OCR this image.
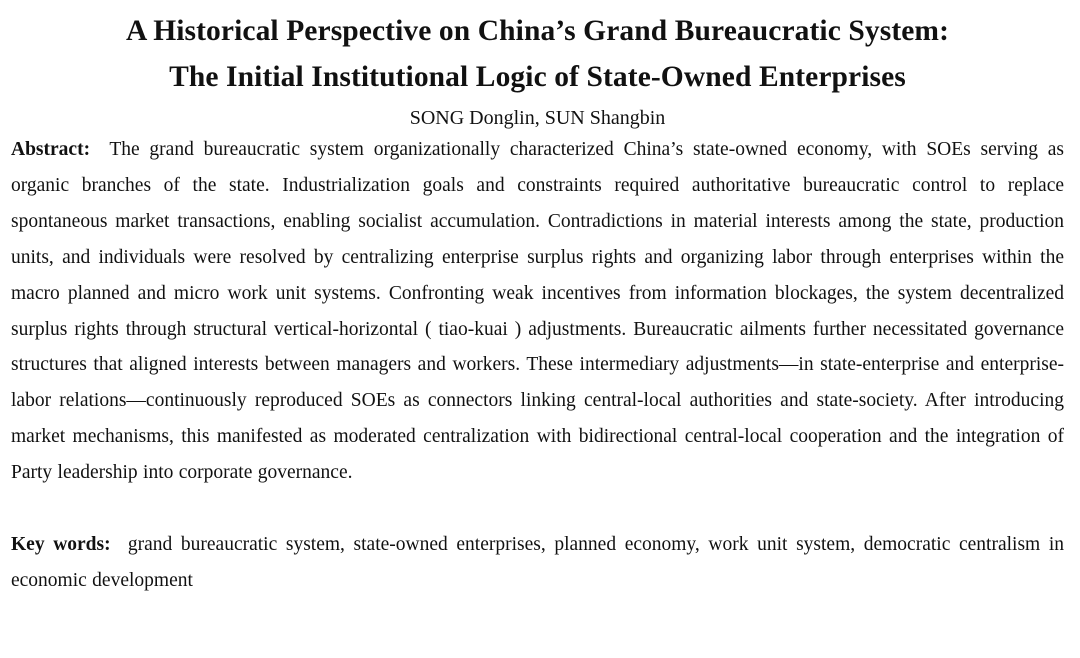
A Historical Perspective on China’s Grand Bureaucratic System:
The Initial Institutional Logic of State-Owned Enterprises
SONG Donglin, SUN Shangbin
Abstract: The grand bureaucratic system organizationally characterized China’s state-owned economy, with SOEs serving as organic branches of the state. Industrialization goals and constraints required authoritative bureaucratic control to replace spontaneous market transactions, enabling socialist accumulation. Contradictions in material interests among the state, production units, and individuals were resolved by centralizing enterprise surplus rights and organizing labor through enterprises within the macro planned and micro work unit systems. Confronting weak incentives from information blockages, the system decentralized surplus rights through structural vertical-horizontal ( tiao-kuai ) adjustments. Bureaucratic ailments further necessitated governance structures that aligned interests between managers and workers. These intermediary adjustments—in state-enterprise and enterprise-labor relations—continuously reproduced SOEs as connectors linking central-local authorities and state-society. After introducing market mechanisms, this manifested as moderated centralization with bidirectional central-local cooperation and the integration of Party leadership into corporate governance.
Key words: grand bureaucratic system, state-owned enterprises, planned economy, work unit system, democratic centralism in economic development
